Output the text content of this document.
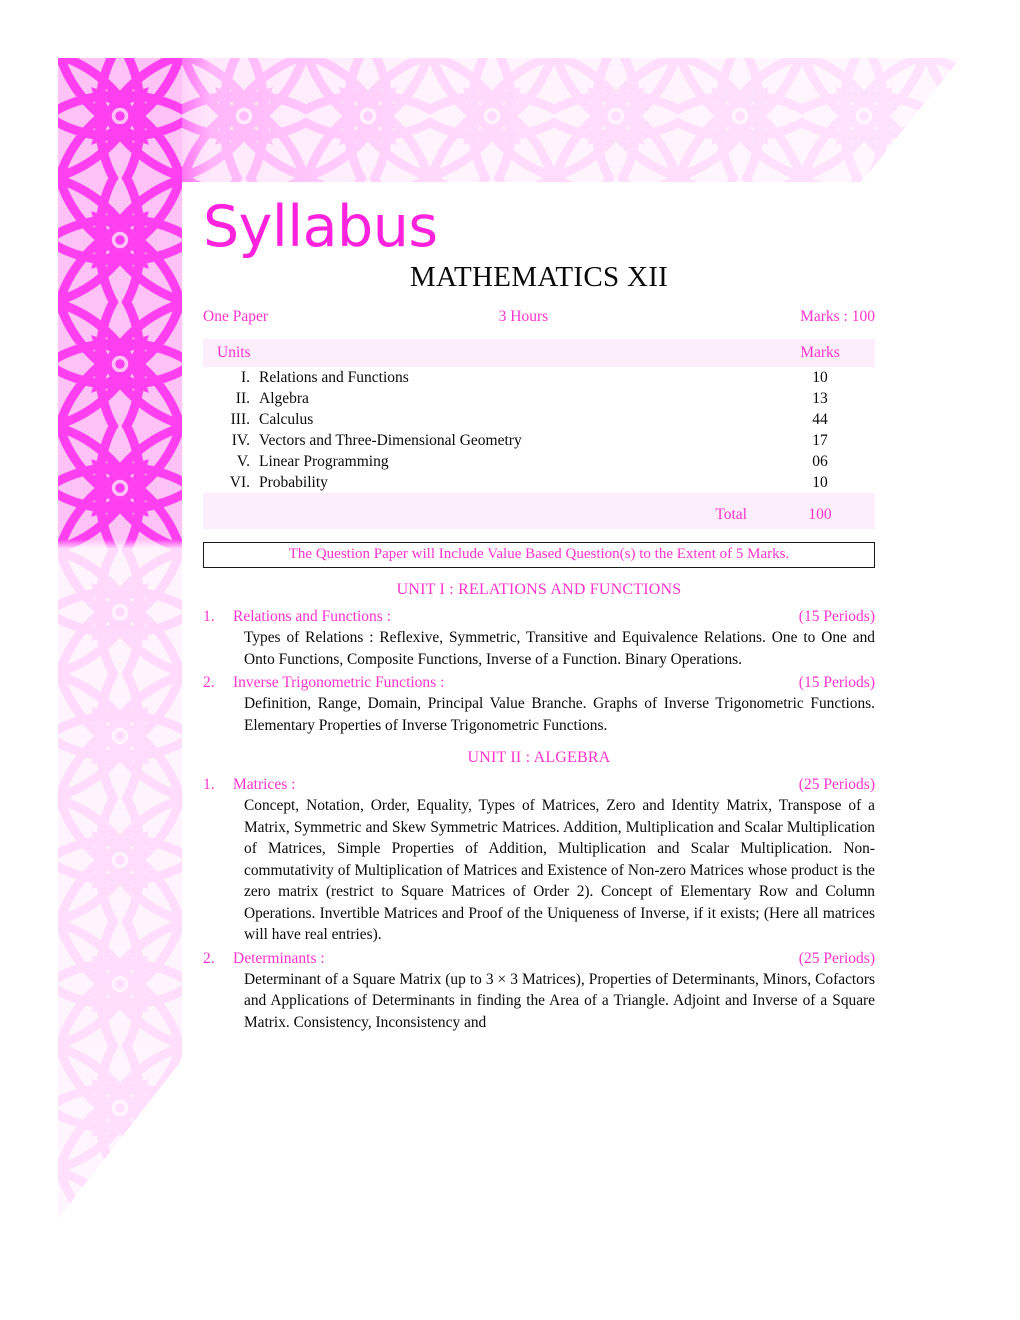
Syllabus
MATHEMATICS XII
One Paper	3 Hours	Marks : 100
Units		Marks
I.	Relations and Functions	10
II.	Algebra	13
III.	Calculus	44
IV.	Vectors and Three-Dimensional Geometry	17
V.	Linear Programming	06
VI.	Probability	10

Total		100
The Question Paper will Include Value Based Question(s) to the Extent of 5 Marks.
UNIT I : RELATIONS AND FUNCTIONS
1.	Relations and Functions :	(15 Periods)

Types of Relations : Reflexive, Symmetric, Transitive and Equivalence Relations. One to One and Onto Functions, Composite Functions, Inverse of a Function. Binary Operations.

2.	Inverse Trigonometric Functions :	(15 Periods)

Definition, Range, Domain, Principal Value Branche. Graphs of Inverse Trigonometric Functions. Elementary Properties of Inverse Trigonometric Functions.

UNIT II : ALGEBRA
1.	Matrices :	(25 Periods)

Concept, Notation, Order, Equality, Types of Matrices, Zero and Identity Matrix, Transpose of a Matrix, Symmetric and Skew Symmetric Matrices. Addition, Multiplication and Scalar Multiplication of Matrices, Simple Properties of Addition, Multiplication and Scalar Multiplication. Non-commutativity of Multiplication of Matrices and Existence of Non-zero Matrices whose product is the zero matrix (restrict to Square Matrices of Order 2). Concept of Elementary Row and Column Operations. Invertible Matrices and Proof of the Uniqueness of Inverse, if it exists; (Here all matrices will have real entries).

2.	Determinants :	(25 Periods)

Determinant of a Square Matrix (up to 3 × 3 Matrices), Properties of Determinants, Minors, Cofactors and Applications of Determinants in finding the Area of a Triangle. Adjoint and Inverse of a Square Matrix. Consistency, Inconsistency and
